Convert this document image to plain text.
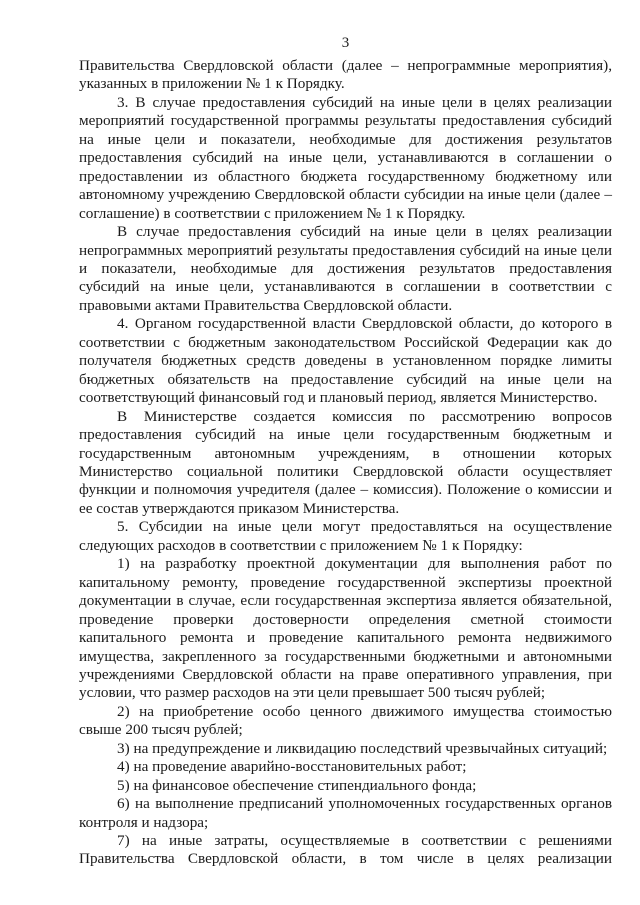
3

Правительства Свердловской области (далее – непрограммные мероприятия), указанных в приложении № 1 к Порядку.

3. В случае предоставления субсидий на иные цели в целях реализации мероприятий государственной программы результаты предоставления субсидий на иные цели и показатели, необходимые для достижения результатов предоставления субсидий на иные цели, устанавливаются в соглашении о предоставлении из областного бюджета государственному бюджетному или автономному учреждению Свердловской области субсидии на иные цели (далее – соглашение) в соответствии с приложением № 1 к Порядку.

В случае предоставления субсидий на иные цели в целях реализации непрограммных мероприятий результаты предоставления субсидий на иные цели и показатели, необходимые для достижения результатов предоставления субсидий на иные цели, устанавливаются в соглашении в соответствии с правовыми актами Правительства Свердловской области.

4. Органом государственной власти Свердловской области, до которого в соответствии с бюджетным законодательством Российской Федерации как до получателя бюджетных средств доведены в установленном порядке лимиты бюджетных обязательств на предоставление субсидий на иные цели на соответствующий финансовый год и плановый период, является Министерство.

В Министерстве создается комиссия по рассмотрению вопросов предоставления субсидий на иные цели государственным бюджетным и государственным автономным учреждениям, в отношении которых Министерство социальной политики Свердловской области осуществляет функции и полномочия учредителя (далее – комиссия). Положение о комиссии и ее состав утверждаются приказом Министерства.

5. Субсидии на иные цели могут предоставляться на осуществление следующих расходов в соответствии с приложением № 1 к Порядку:

1) на разработку проектной документации для выполнения работ по капитальному ремонту, проведение государственной экспертизы проектной документации в случае, если государственная экспертиза является обязательной, проведение проверки достоверности определения сметной стоимости капитального ремонта и проведение капитального ремонта недвижимого имущества, закрепленного за государственными бюджетными и автономными учреждениями Свердловской области на праве оперативного управления, при условии, что размер расходов на эти цели превышает 500 тысяч рублей;

2) на приобретение особо ценного движимого имущества стоимостью свыше 200 тысяч рублей;

3) на предупреждение и ликвидацию последствий чрезвычайных ситуаций;

4) на проведение аварийно-восстановительных работ;

5) на финансовое обеспечение стипендиального фонда;

6) на выполнение предписаний уполномоченных государственных органов контроля и надзора;

7) на иные затраты, осуществляемые в соответствии с решениями Правительства Свердловской области, в том числе в целях реализации
